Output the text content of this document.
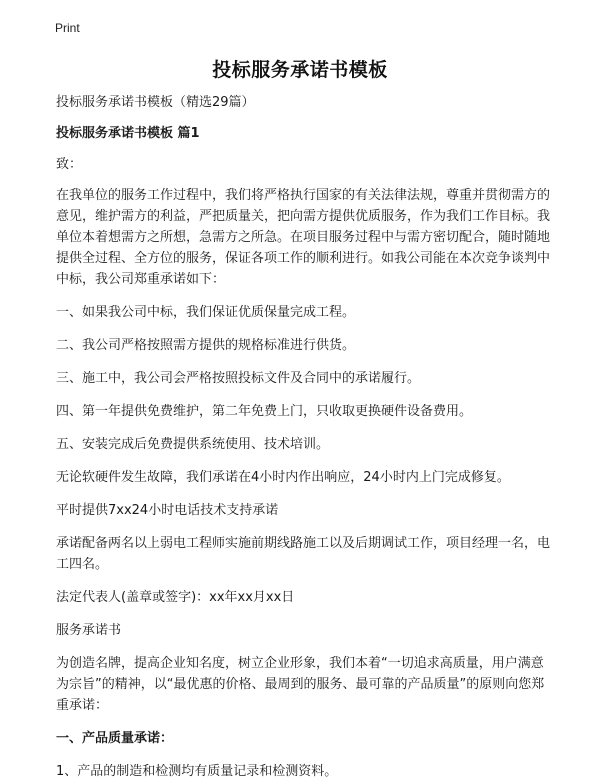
Print
投标服务承诺书模板

投标服务承诺书模板（精选29篇）

投标服务承诺书模板 篇1

致：

在我单位的服务工作过程中，我们将严格执行国家的有关法律法规，尊重并贯彻需方的意见，维护需方的利益，严把质量关，把向需方提供优质服务，作为我们工作目标。我单位本着想需方之所想，急需方之所急。在项目服务过程中与需方密切配合，随时随地提供全过程、全方位的服务，保证各项工作的顺利进行。如我公司能在本次竞争谈判中中标，我公司郑重承诺如下：

一、如果我公司中标，我们保证优质保量完成工程。

二、我公司严格按照需方提供的规格标准进行供货。

三、施工中，我公司会严格按照投标文件及合同中的承诺履行。

四、第一年提供免费维护，第二年免费上门，只收取更换硬件设备费用。

五、安装完成后免费提供系统使用、技术培训。

无论软硬件发生故障，我们承诺在4小时内作出响应，24小时内上门完成修复。

平时提供7xx24小时电话技术支持承诺

承诺配备两名以上弱电工程师实施前期线路施工以及后期调试工作，项目经理一名，电工四名。

法定代表人(盖章或签字)：xx年xx月xx日

服务承诺书

为创造名牌，提高企业知名度，树立企业形象，我们本着“一切追求高质量，用户满意为宗旨”的精神，以“最优惠的价格、最周到的服务、最可靠的产品质量”的原则向您郑重承诺：

一、产品质量承诺：

1、产品的制造和检测均有质量记录和检测资料。
